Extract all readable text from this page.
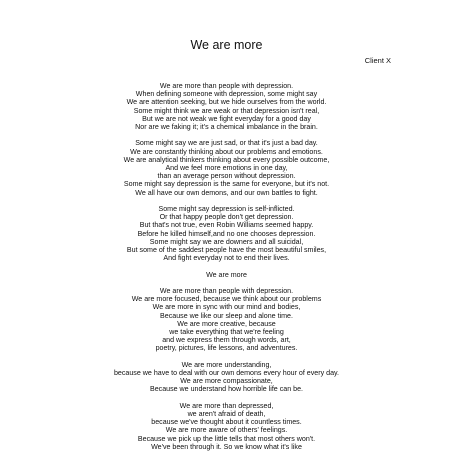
We are more
Client X
We are more than people with depression.
When defining someone with depression, some might say
We are attention seeking, but we hide ourselves from the world.
Some might think we are weak or that depression isn't real,
But we are not weak we fight everyday for a good day
Nor are we faking it; it's a chemical imbalance in the brain.
Some might say we are just sad, or that it's just a bad day.
We are constantly thinking about our problems and emotions.
We are analytical thinkers thinking about every possible outcome,
And we feel more emotions in one day,
than an average person without depression.
Some might say depression is the same for everyone, but it's not.
We all have our own demons, and our own battles to fight.
Some might say depression is self-inflicted.
Or that happy people don't get depression.
But that's not true, even Robin Williams seemed happy.
Before he killed himself,and no one chooses depression.
Some might say we are downers and all suicidal,
But some of the saddest people have the most beautiful smiles,
And fight everyday not to end their lives.
We are more
We are more than people with depression.
We are more focused, because we think about our problems
We are more in sync with our mind and bodies,
Because we like our sleep and alone time.
We are more creative, because
we take everything that we're feeling
and we express them through words, art,
poetry, pictures, life lessons, and adventures.
We are more understanding,
because we have to deal with our own demons every hour of every day.
We are more compassionate,
Because we understand how horrible life can be.
We are more than depressed,
we aren't afraid of death,
because we've thought about it countless times.
We are more aware of others' feelings.
Because we pick up the little tells that most others won't.
We've been through it. So we know what it's like
